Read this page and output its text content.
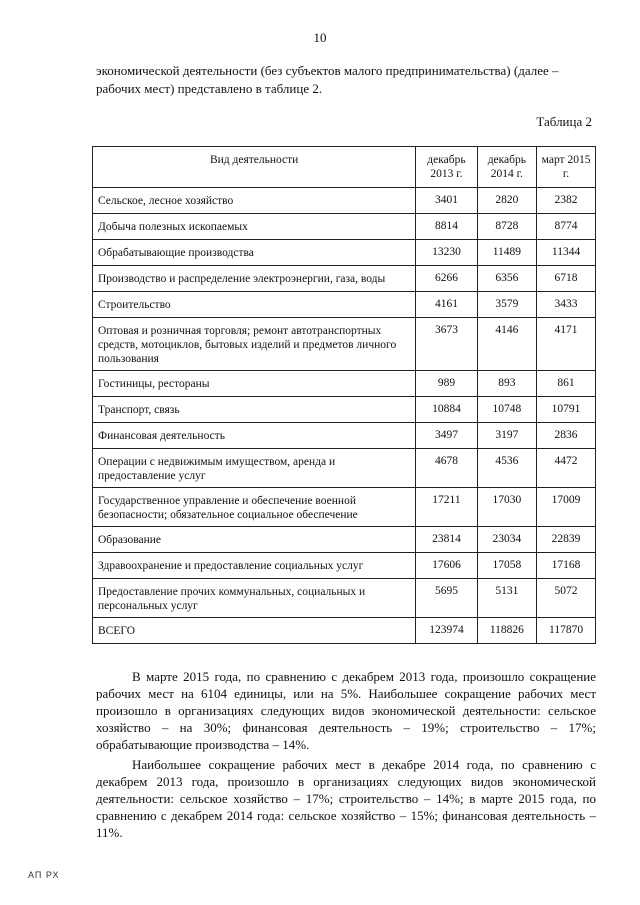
10
экономической деятельности (без субъектов малого предпринимательства) (далее – рабочих мест) представлено в таблице 2.
Таблица 2
Вид деятельности	декабрь 2013 г.	декабрь 2014 г.	март 2015 г.
Сельское, лесное хозяйство	3401	2820	2382
Добыча полезных ископаемых	8814	8728	8774
Обрабатывающие производства	13230	11489	11344
Производство и распределение электроэнергии, газа, воды	6266	6356	6718
Строительство	4161	3579	3433
Оптовая и розничная торговля; ремонт автотранспортных средств, мотоциклов, бытовых изделий и предметов личного пользования	3673	4146	4171
Гостиницы, рестораны	989	893	861
Транспорт, связь	10884	10748	10791
Финансовая деятельность	3497	3197	2836
Операции с недвижимым имуществом, аренда и предоставление услуг	4678	4536	4472
Государственное управление и обеспечение военной безопасности; обязательное социальное обеспечение	17211	17030	17009
Образование	23814	23034	22839
Здравоохранение и предоставление социальных услуг	17606	17058	17168
Предоставление прочих коммунальных, социальных и персональных услуг	5695	5131	5072
ВСЕГО	123974	118826	117870

В марте 2015 года, по сравнению с декабрем 2013 года, произошло сокращение рабочих мест на 6104 единицы, или на 5%. Наибольшее сокращение рабочих мест произошло в организациях следующих видов экономической деятельности: сельское хозяйство – на 30%; финансовая деятельность – 19%; строительство – 17%; обрабатывающие производства – 14%.

Наибольшее сокращение рабочих мест в декабре 2014 года, по сравнению с декабрем 2013 года, произошло в организациях следующих видов экономической деятельности: сельское хозяйство – 17%; строительство – 14%; в марте 2015 года, по сравнению с декабрем 2014 года: сельское хозяйство – 15%; финансовая деятельность – 11%.

АП РХ
